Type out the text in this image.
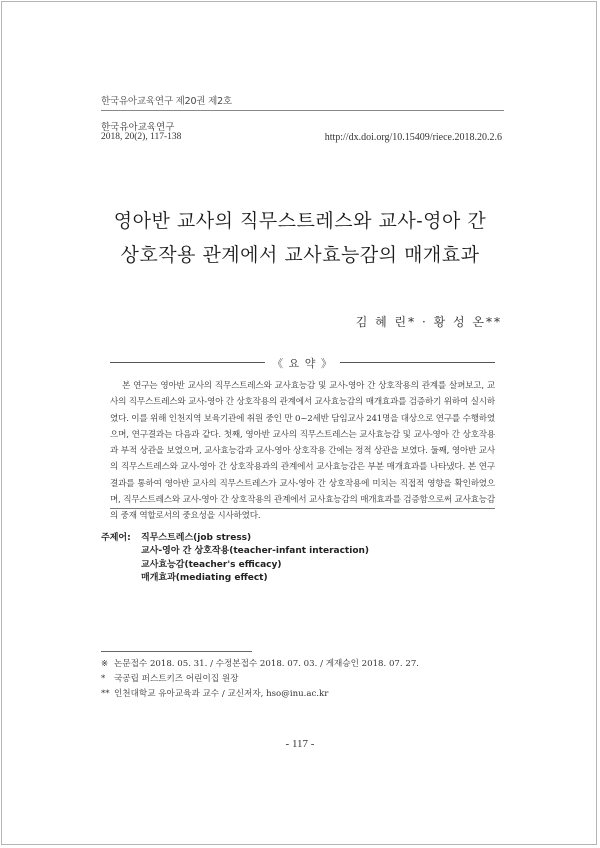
한국유아교육연구 제20권 제2호
한국유아교육연구
2018, 20(2), 117-138	http://dx.doi.org/10.15409/riece.2018.20.2.6
영아반 교사의 직무스트레스와 교사-영아 간
상호작용 관계에서 교사효능감의 매개효과
김 혜 린* · 황 성 온**
《 요 약 》
본 연구는 영아반 교사의 직무스트레스와 교사효능감 및 교사-영아 간 상호작용의 관계를 살펴보고, 교사의 직무스트레스와 교사-영아 간 상호작용의 관계에서 교사효능감의 매개효과를 검증하기 위하여 실시하였다. 이를 위해 인천지역 보육기관에 취원 중인 만 0~2세반 담임교사 241명을 대상으로 연구를 수행하였으며, 연구결과는 다음과 같다. 첫째, 영아반 교사의 직무스트레스는 교사효능감 및 교사-영아 간 상호작용과 부적 상관을 보였으며, 교사효능감과 교사-영아 상호작용 간에는 정적 상관을 보였다. 둘째, 영아반 교사의 직무스트레스와 교사-영아 간 상호작용과의 관계에서 교사효능감은 부분 매개효과를 나타냈다. 본 연구결과를 통하여 영아반 교사의 직무스트레스가 교사-영아 간 상호작용에 미치는 직접적 영향을 확인하였으며, 직무스트레스와 교사-영아 간 상호작용의 관계에서 교사효능감의 매개효과를 검증함으로써 교사효능감의 중재 역할로서의 중요성을 시사하였다.
주제어: 직무스트레스(job stress)
교사-영아 간 상호작용(teacher-infant interaction)
교사효능감(teacher's efficacy)
매개효과(mediating effect)
※ 논문접수 2018. 05. 31. / 수정본접수 2018. 07. 03. / 게재승인 2018. 07. 27.
* 국공립 퍼스트키즈 어린이집 원장
** 인천대학교 유아교육과 교수 / 교신저자, hso@inu.ac.kr
- 117 -
